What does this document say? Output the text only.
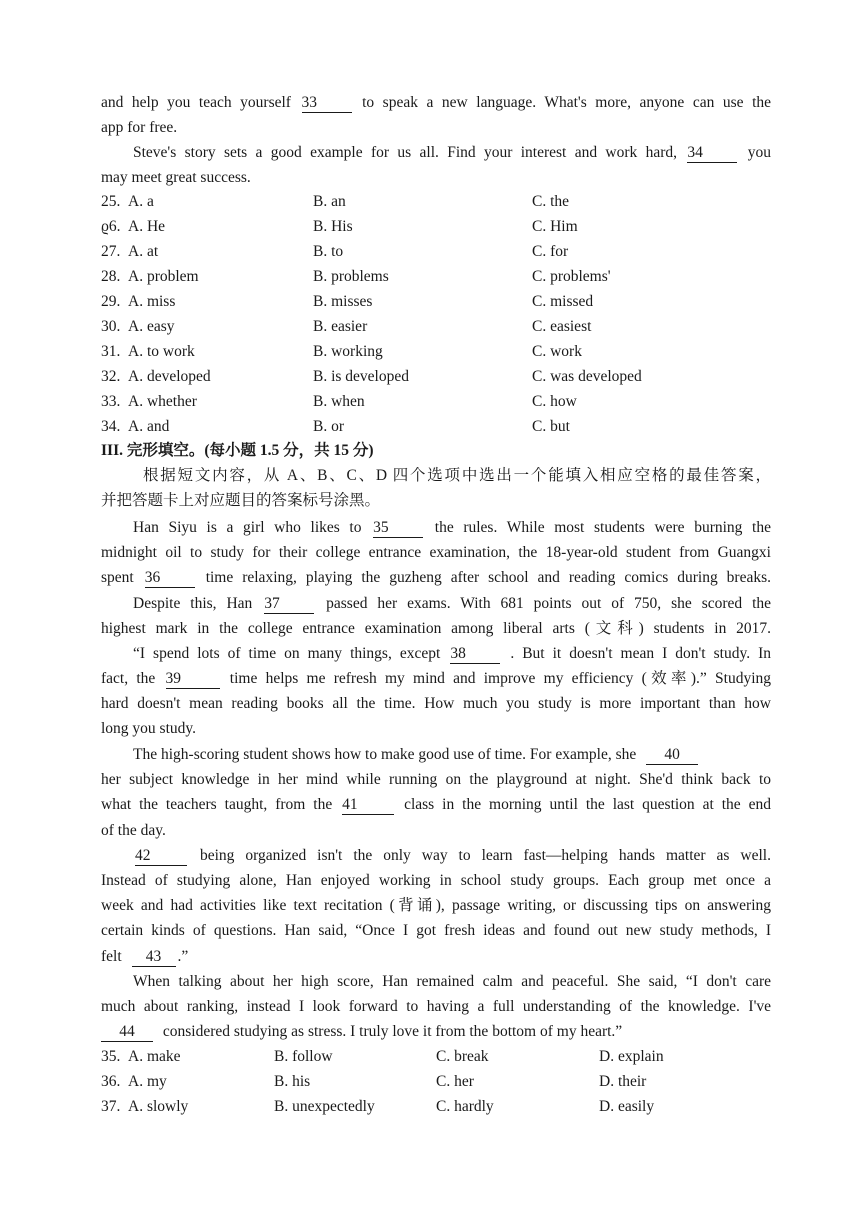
and help you teach yourself 33	to speak a new language. What's more, anyone can use the
app for free.
Steve's story sets a good example for us all. Find your interest and work hard, 34	you
may meet great success.
25. A. a	B. an	C. the
ϱ6. A. He	B. His	C. Him
27. A. at	B. to	C. for
28. A. problem	B. problems	C. problems'
29. A. miss	B. misses	C. missed
30. A. easy	B. easier	C. easiest
31. A. to work	B. working	C. work
32. A. developed	B. is developed	C. was developed
33. A. whether	B. when	C. how
34. A. and	B. or	C. but
III. 完形填空。(每小题 1.5 分，共 15 分)
根据短文内容，从 A、B、C、D 四个选项中选出一个能填入相应空格的最佳答案，
并把答题卡上对应题目的答案标号涂黑。
Han Siyu is a girl who likes to 35	the rules. While most students were burning the
midnight oil to study for their college entrance examination, the 18-year-old student from Guangxi
spent 36	time relaxing, playing the guzheng after school and reading comics during breaks.
Despite this, Han 37	passed her exams. With 681 points out of 750, she scored the
highest mark in the college entrance examination among liberal arts (文科) students in 2017.
“I spend lots of time on many things, except 38	. But it doesn't mean I don't study. In
fact, the 39	time helps me refresh my mind and improve my efficiency (效率).” Studying
hard doesn't mean reading books all the time. How much you study is more important than how
long you study.
The high-scoring student shows how to make good use of time. For example, she 40
her subject knowledge in her mind while running on the playground at night. She'd think back to
what the teachers taught, from the 41	class in the morning until the last question at the end
of the day.
42	being organized isn't the only way to learn fast—helping hands matter as well.
Instead of studying alone, Han enjoyed working in school study groups. Each group met once a
week and had activities like text recitation (背诵), passage writing, or discussing tips on answering
certain kinds of questions. Han said, “Once I got fresh ideas and found out new study methods, I
felt 43 .”
When talking about her high score, Han remained calm and peaceful. She said, “I don't care
much about ranking, instead I look forward to having a full understanding of the knowledge. I've
44 considered studying as stress. I truly love it from the bottom of my heart.”
35. A. make	B. follow	C. break	D. explain
36. A. my	B. his	C. her	D. their
37. A. slowly	B. unexpectedly	C. hardly	D. easily
